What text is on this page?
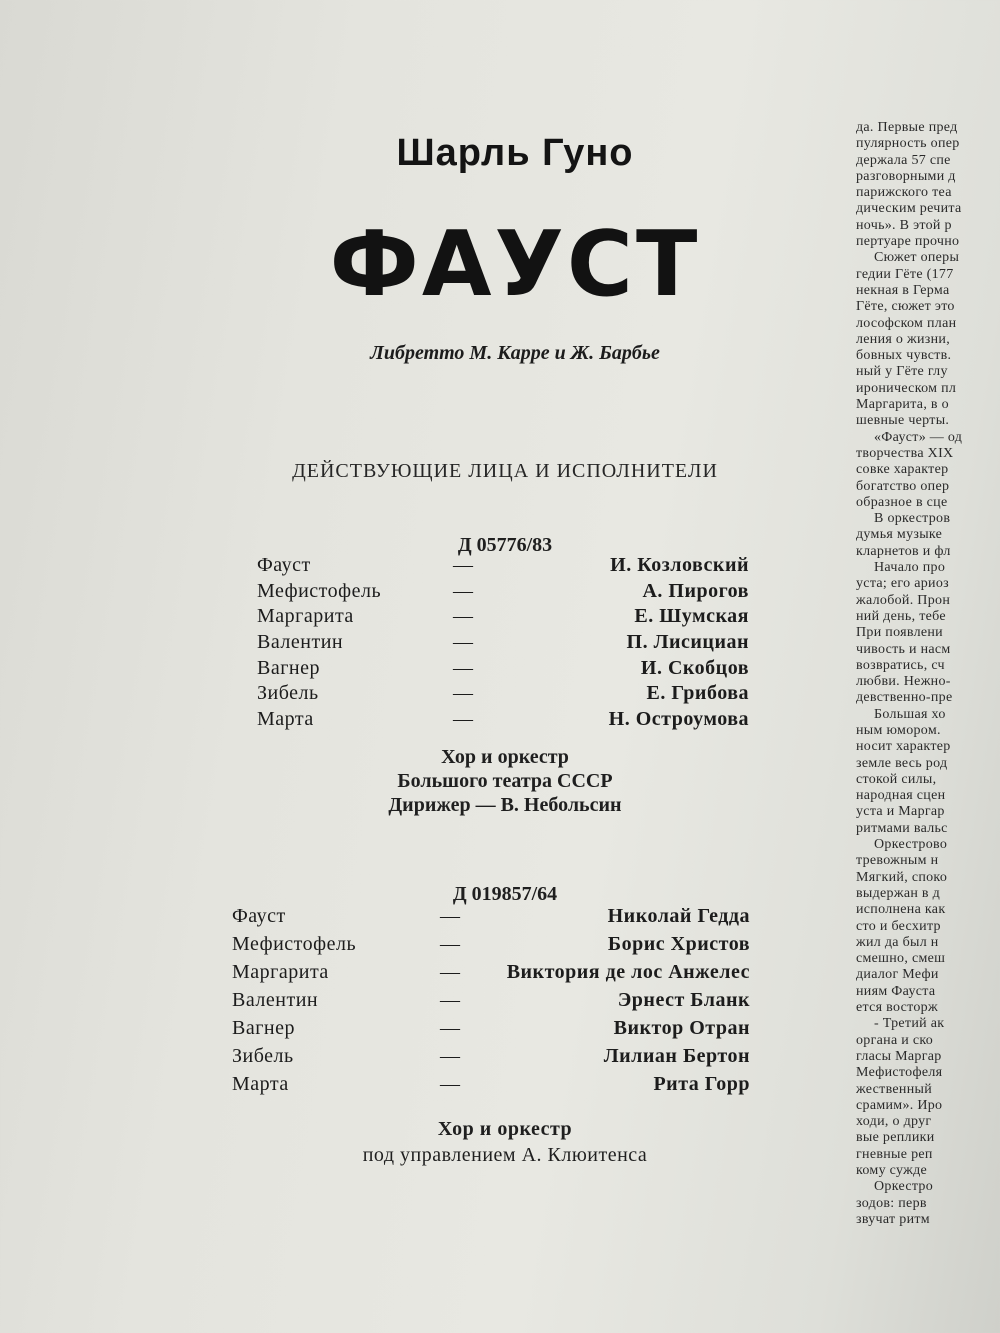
Шарль Гуно
ФАУСТ
Либретто М. Карре и Ж. Барбье
ДЕЙСТВУЮЩИЕ ЛИЦА И ИСПОЛНИТЕЛИ
Д 05776/83
Фауст	—	И. Козловский
Мефистофель	—	А. Пирогов
Маргарита	—	Е. Шумская
Валентин	—	П. Лисициан
Вагнер	—	И. Скобцов
Зибель	—	Е. Грибова
Марта	—	Н. Остроумова
Хор и оркестр
Большого театра СССР
Дирижер — В. Небольсин
Д 019857/64
Фауст	—	Николай Гедда
Мефистофель	—	Борис Христов
Маргарита	— Виктория де лос Анжелес
Валентин	—	Эрнест Бланк
Вагнер	—	Виктор Отран
Зибель	—	Лилиан Бертон
Марта	—	Рита Горр
Хор и оркестр
под управлением А. Клюитенса
да. Первые пред
пулярность опер
держала 57 спе
разговорными д
парижского теа
дическим речита
ночь». В этой р
пертуаре прочно
Сюжет оперы
гедии Гёте (177
некная в Герма
Гёте, сюжет это
лософском план
ления о жизни,
бовных чувств.
ный у Гёте глу
ироническом пл
Маргарита, в о
шевные черты.
«Фауст» — од
творчества XIX
совке характер
богатство опер
образное в сце
В оркестров
думья музыке
кларнетов и фл
Начало про
уста; его ариоз
жалобой. Прон
ний день, тебе
При появлени
чивость и насм
возвратись, сч
любви. Нежно-
девственно-пре
Большая хо
ным юмором.
носит характер
земле весь род
стокой силы,
народная сцен
уста и Маргар
ритмами вальс
Оркестрово
тревожным н
Мягкий, споко
выдержан в д
исполнена как
сто и бесхитр
жил да был н
смешно, смеш
диалог Мефи
ниям Фауста
ется восторж
- Третий ак
органа и ско
гласы Маргар
Мефистофеля
жественный
срамим». Иро
ходи, о друг
вые реплики
гневные реп
кому сужде
Оркестро
зодов: перв
звучат ритм
